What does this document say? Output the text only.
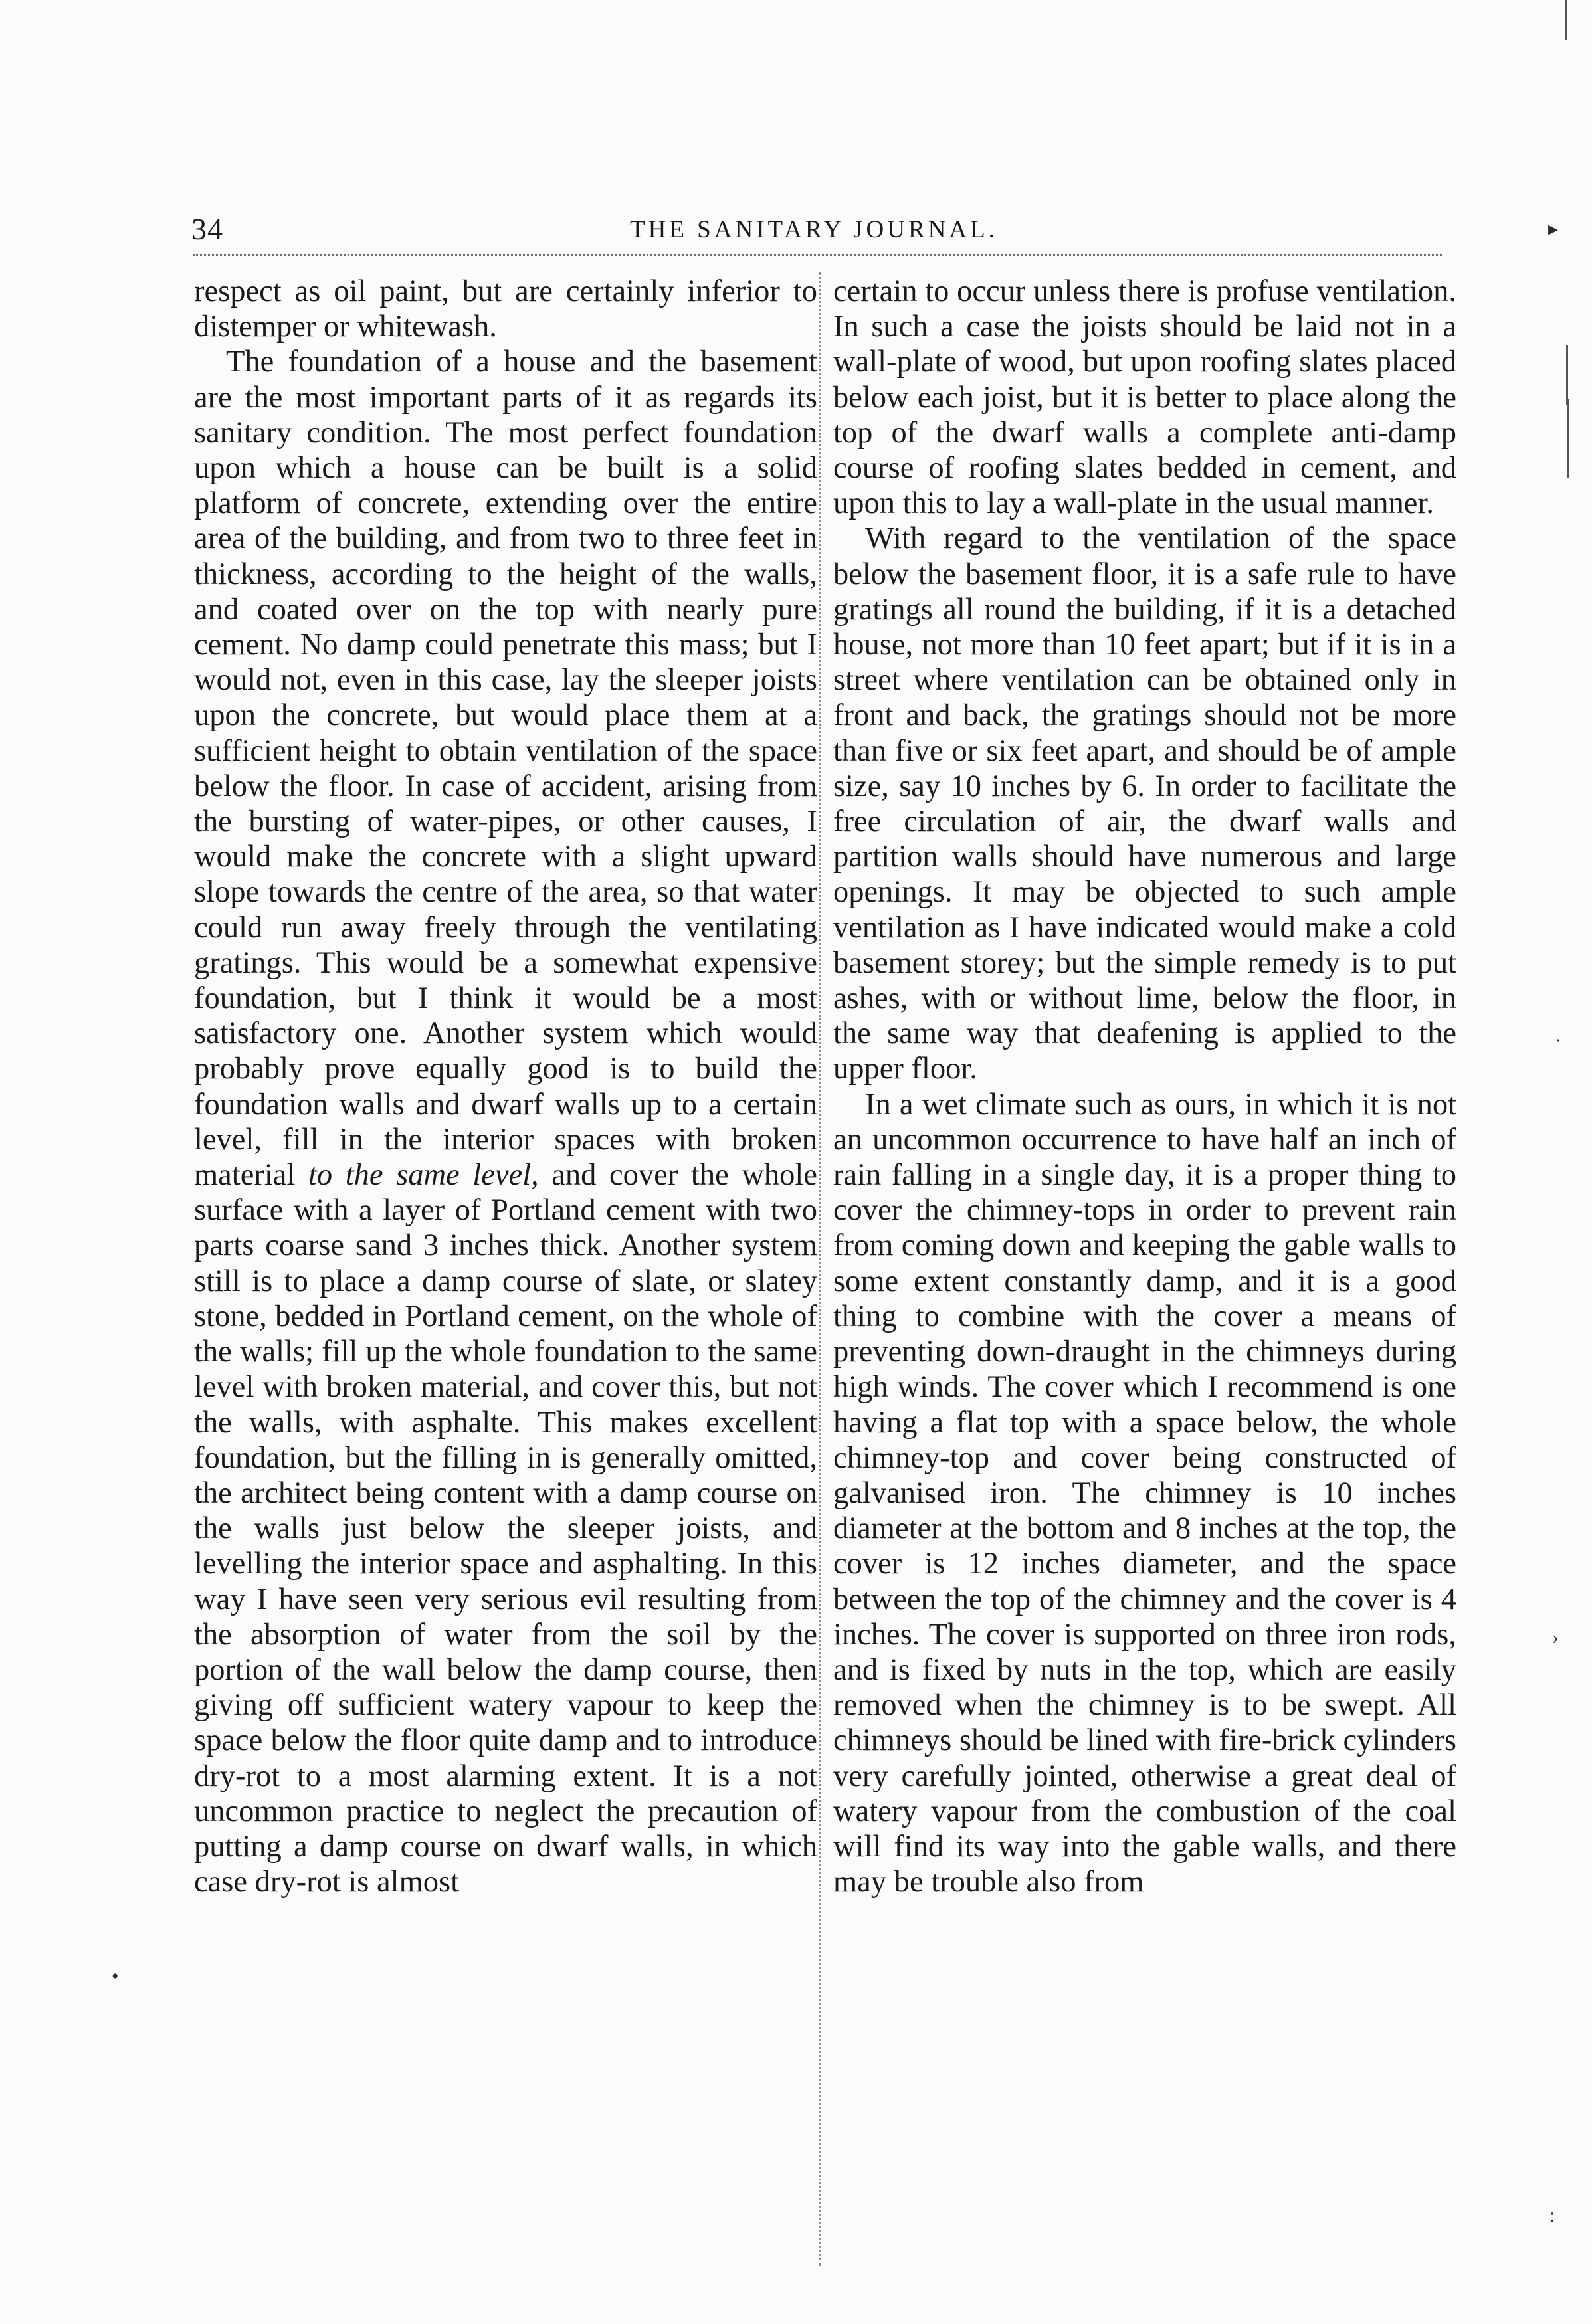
34	THE SANITARY JOURNAL.

respect as oil paint, but are certainly inferior to distemper or whitewash.

The foundation of a house and the basement are the most important parts of it as regards its sanitary condition. The most perfect foundation upon which a house can be built is a solid platform of concrete, extending over the entire area of the building, and from two to three feet in thickness, according to the height of the walls, and coated over on the top with nearly pure cement. No damp could penetrate this mass; but I would not, even in this case, lay the sleeper joists upon the concrete, but would place them at a sufficient height to obtain ventilation of the space below the floor. In case of accident, arising from the bursting of water-pipes, or other causes, I would make the concrete with a slight upward slope towards the centre of the area, so that water could run away freely through the ventilating gratings. This would be a somewhat expensive foundation, but I think it would be a most satisfactory one. Another system which would probably prove equally good is to build the foundation walls and dwarf walls up to a certain level, fill in the interior spaces with broken material to the same level, and cover the whole surface with a layer of Portland cement with two parts coarse sand 3 inches thick. Another system still is to place a damp course of slate, or slatey stone, bedded in Portland cement, on the whole of the walls; fill up the whole foundation to the same level with broken material, and cover this, but not the walls, with asphalte. This makes excellent foundation, but the filling in is generally omitted, the architect being content with a damp course on the walls just below the sleeper joists, and levelling the interior space and asphalting. In this way I have seen very serious evil resulting from the absorption of water from the soil by the portion of the wall below the damp course, then giving off sufficient watery vapour to keep the space below the floor quite damp and to introduce dry-rot to a most alarming extent. It is a not uncommon practice to neglect the precaution of putting a damp course on dwarf walls, in which case dry-rot is almost

certain to occur unless there is profuse ventilation. In such a case the joists should be laid not in a wall-plate of wood, but upon roofing slates placed below each joist, but it is better to place along the top of the dwarf walls a complete anti-damp course of roofing slates bedded in cement, and upon this to lay a wall-plate in the usual manner.

With regard to the ventilation of the space below the basement floor, it is a safe rule to have gratings all round the building, if it is a detached house, not more than 10 feet apart; but if it is in a street where ventilation can be obtained only in front and back, the gratings should not be more than five or six feet apart, and should be of ample size, say 10 inches by 6. In order to facilitate the free circulation of air, the dwarf walls and partition walls should have numerous and large openings. It may be objected to such ample ventilation as I have indicated would make a cold basement storey; but the simple remedy is to put ashes, with or without lime, below the floor, in the same way that deafening is applied to the upper floor.

In a wet climate such as ours, in which it is not an uncommon occurrence to have half an inch of rain falling in a single day, it is a proper thing to cover the chimney-tops in order to prevent rain from coming down and keeping the gable walls to some extent constantly damp, and it is a good thing to combine with the cover a means of preventing down-draught in the chimneys during high winds. The cover which I recommend is one having a flat top with a space below, the whole chimney-top and cover being constructed of galvanised iron. The chimney is 10 inches diameter at the bottom and 8 inches at the top, the cover is 12 inches diameter, and the space between the top of the chimney and the cover is 4 inches. The cover is supported on three iron rods, and is fixed by nuts in the top, which are easily removed when the chimney is to be swept. All chimneys should be lined with fire-brick cylinders very carefully jointed, otherwise a great deal of watery vapour from the combustion of the coal will find its way into the gable walls, and there may be trouble also from

▸
˙
›
•
:
